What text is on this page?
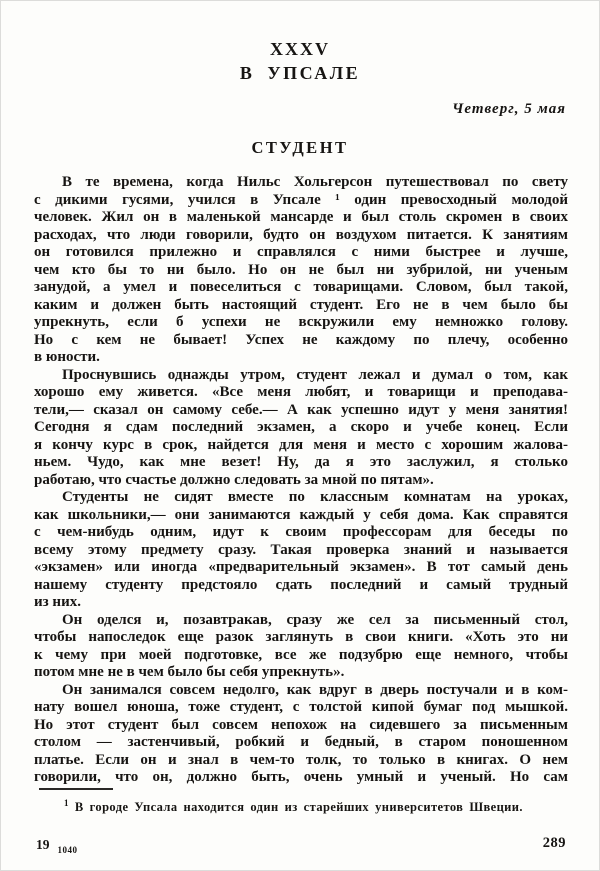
XXXV
В УПСАЛЕ
Четверг, 5 мая
СТУДЕНТ
В те времена, когда Нильс Хольгерсон путешествовал по свету
с дикими гусями, учился в Упсале ¹ один превосходный молодой
человек. Жил он в маленькой мансарде и был столь скромен в своих
расходах, что люди говорили, будто он воздухом питается. К занятиям
он готовился прилежно и справлялся с ними быстрее и лучше,
чем кто бы то ни было. Но он не был ни зубрилой, ни ученым
занудой, а умел и повеселиться с товарищами. Словом, был такой,
каким и должен быть настоящий студент. Его не в чем было бы
упрекнуть, если б успехи не вскружили ему немножко голову.
Но с кем не бывает! Успех не каждому по плечу, особенно
в юности.
Проснувшись однажды утром, студент лежал и думал о том, как
хорошо ему живется. «Все меня любят, и товарищи и преподава-
тели,— сказал он самому себе.— А как успешно идут у меня занятия!
Сегодня я сдам последний экзамен, а скоро и учебе конец. Если
я кончу курс в срок, найдется для меня и место с хорошим жалова-
ньем. Чудо, как мне везет! Ну, да я это заслужил, я столько
работаю, что счастье должно следовать за мной по пятам».
Студенты не сидят вместе по классным комнатам на уроках,
как школьники,— они занимаются каждый у себя дома. Как справятся
с чем-нибудь одним, идут к своим профессорам для беседы по
всему этому предмету сразу. Такая проверка знаний и называется
«экзамен» или иногда «предварительный экзамен». В тот самый день
нашему студенту предстояло сдать последний и самый трудный
из них.
Он оделся и, позавтракав, сразу же сел за письменный стол,
чтобы напоследок еще разок заглянуть в свои книги. «Хоть это ни
к чему при моей подготовке, все же подзубрю еще немного, чтобы
потом мне не в чем было бы себя упрекнуть».
Он занимался совсем недолго, как вдруг в дверь постучали и в ком-
нату вошел юноша, тоже студент, с толстой кипой бумаг под мышкой.
Но этот студент был совсем непохож на сидевшего за письменным
столом — застенчивый, робкий и бедный, в старом поношенном
платье. Если он и знал в чем-то толк, то только в книгах. О нем
говорили, что он, должно быть, очень умный и ученый. Но сам
$^1$ В городе Упсала находится один из старейших университетов Швеции.
19 $_{1040}$	289
